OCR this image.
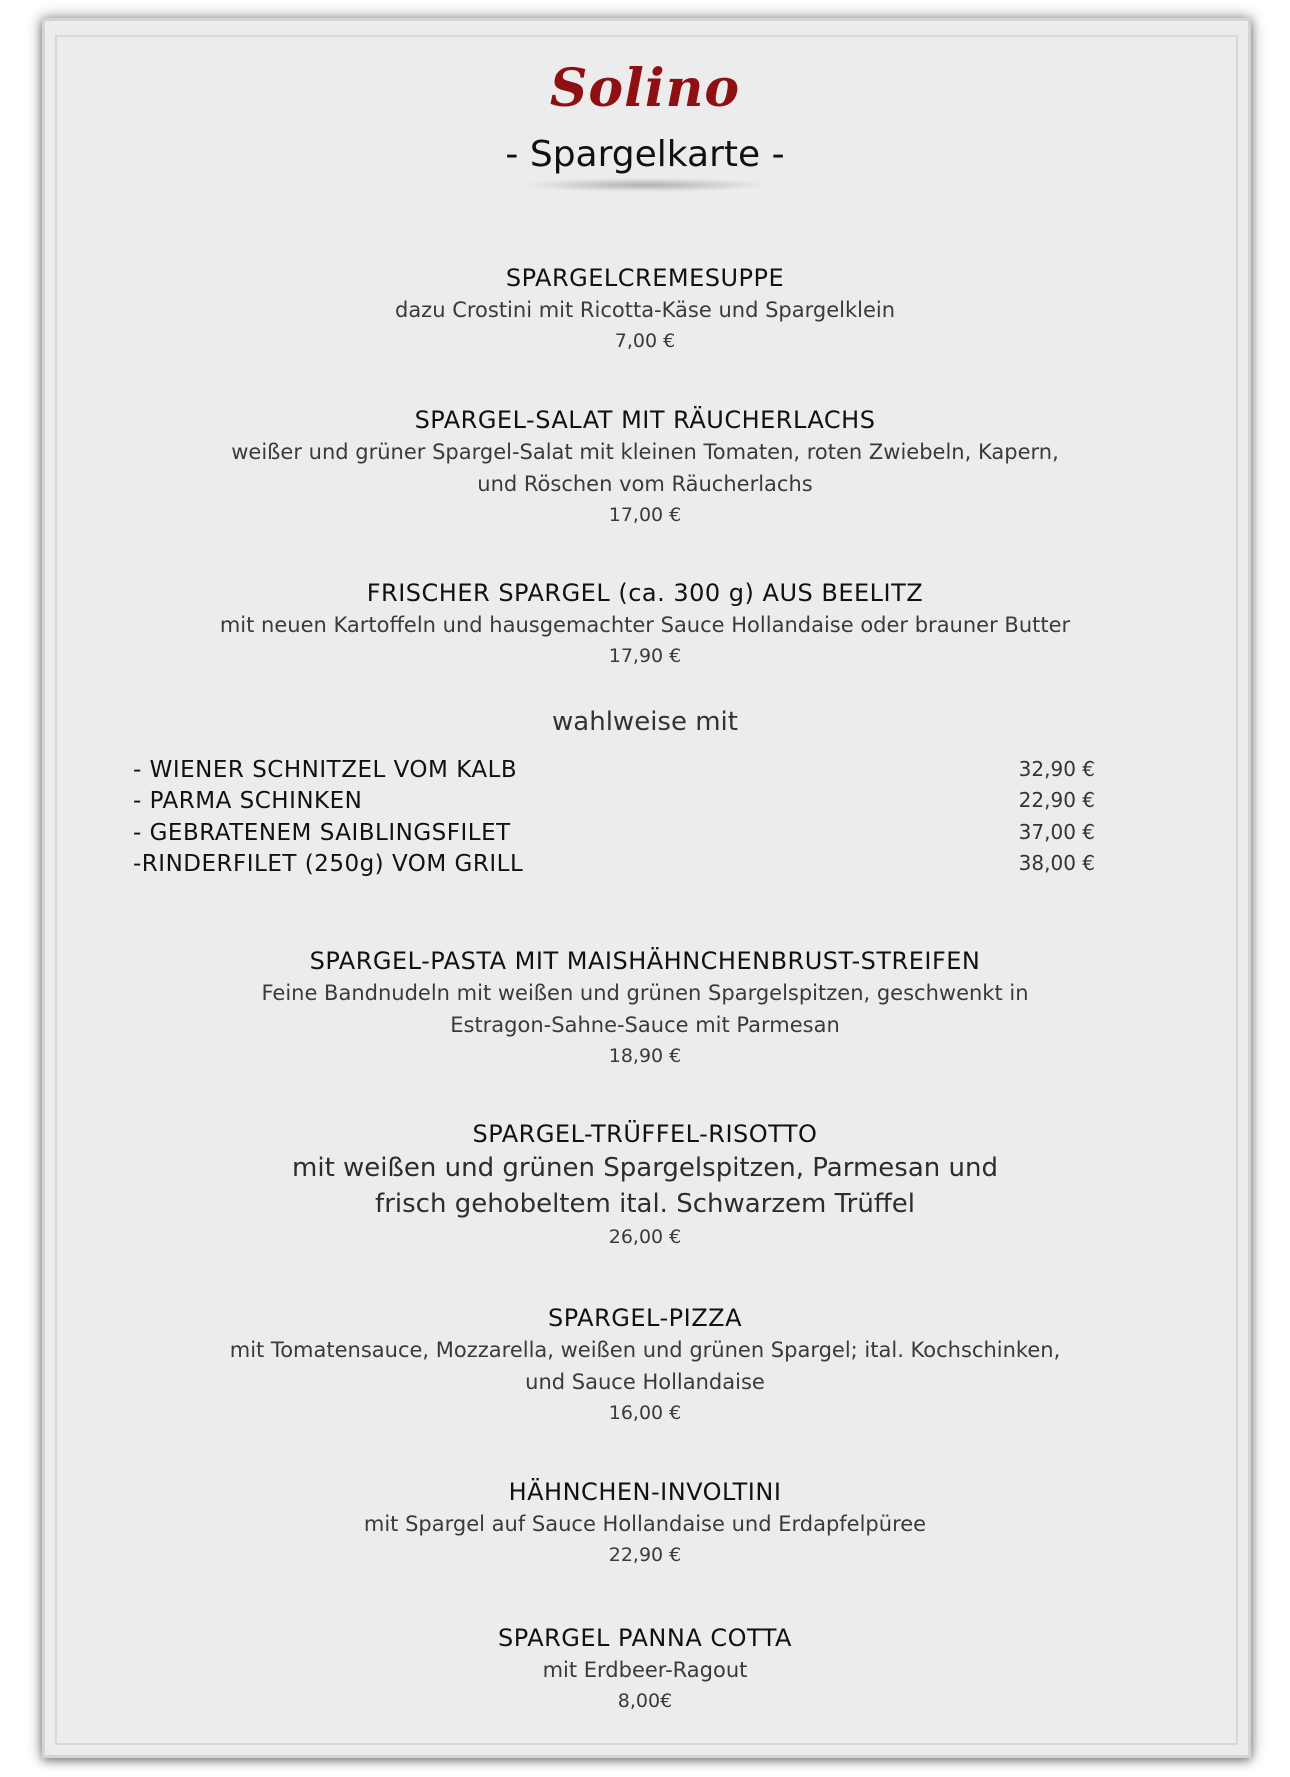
Solino
- Spargelkarte -
SPARGELCREMESUPPE
dazu Crostini mit Ricotta-Käse und Spargelklein
7,00 €
SPARGEL-SALAT MIT RÄUCHERLACHS
weißer und grüner Spargel-Salat mit kleinen Tomaten, roten Zwiebeln, Kapern,
und Röschen vom Räucherlachs
17,00 €
FRISCHER SPARGEL (ca. 300 g) AUS BEELITZ
mit neuen Kartoffeln und hausgemachter Sauce Hollandaise oder brauner Butter
17,90 €
wahlweise mit
- WIENER SCHNITZEL VOM KALB	32,90 €
- PARMA SCHINKEN	22,90 €
- GEBRATENEM SAIBLINGSFILET	37,00 €
-RINDERFILET (250g) VOM GRILL	38,00 €
SPARGEL-PASTA MIT MAISHÄHNCHENBRUST-STREIFEN
Feine Bandnudeln mit weißen und grünen Spargelspitzen, geschwenkt in
Estragon-Sahne-Sauce mit Parmesan
18,90 €
SPARGEL-TRÜFFEL-RISOTTO
mit weißen und grünen Spargelspitzen, Parmesan und
frisch gehobeltem ital. Schwarzem Trüffel
26,00 €
SPARGEL-PIZZA
mit Tomatensauce, Mozzarella, weißen und grünen Spargel; ital. Kochschinken,
und Sauce Hollandaise
16,00 €
HÄHNCHEN-INVOLTINI
mit Spargel auf Sauce Hollandaise und Erdapfelpüree
22,90 €
SPARGEL PANNA COTTA
mit Erdbeer-Ragout
8,00€
